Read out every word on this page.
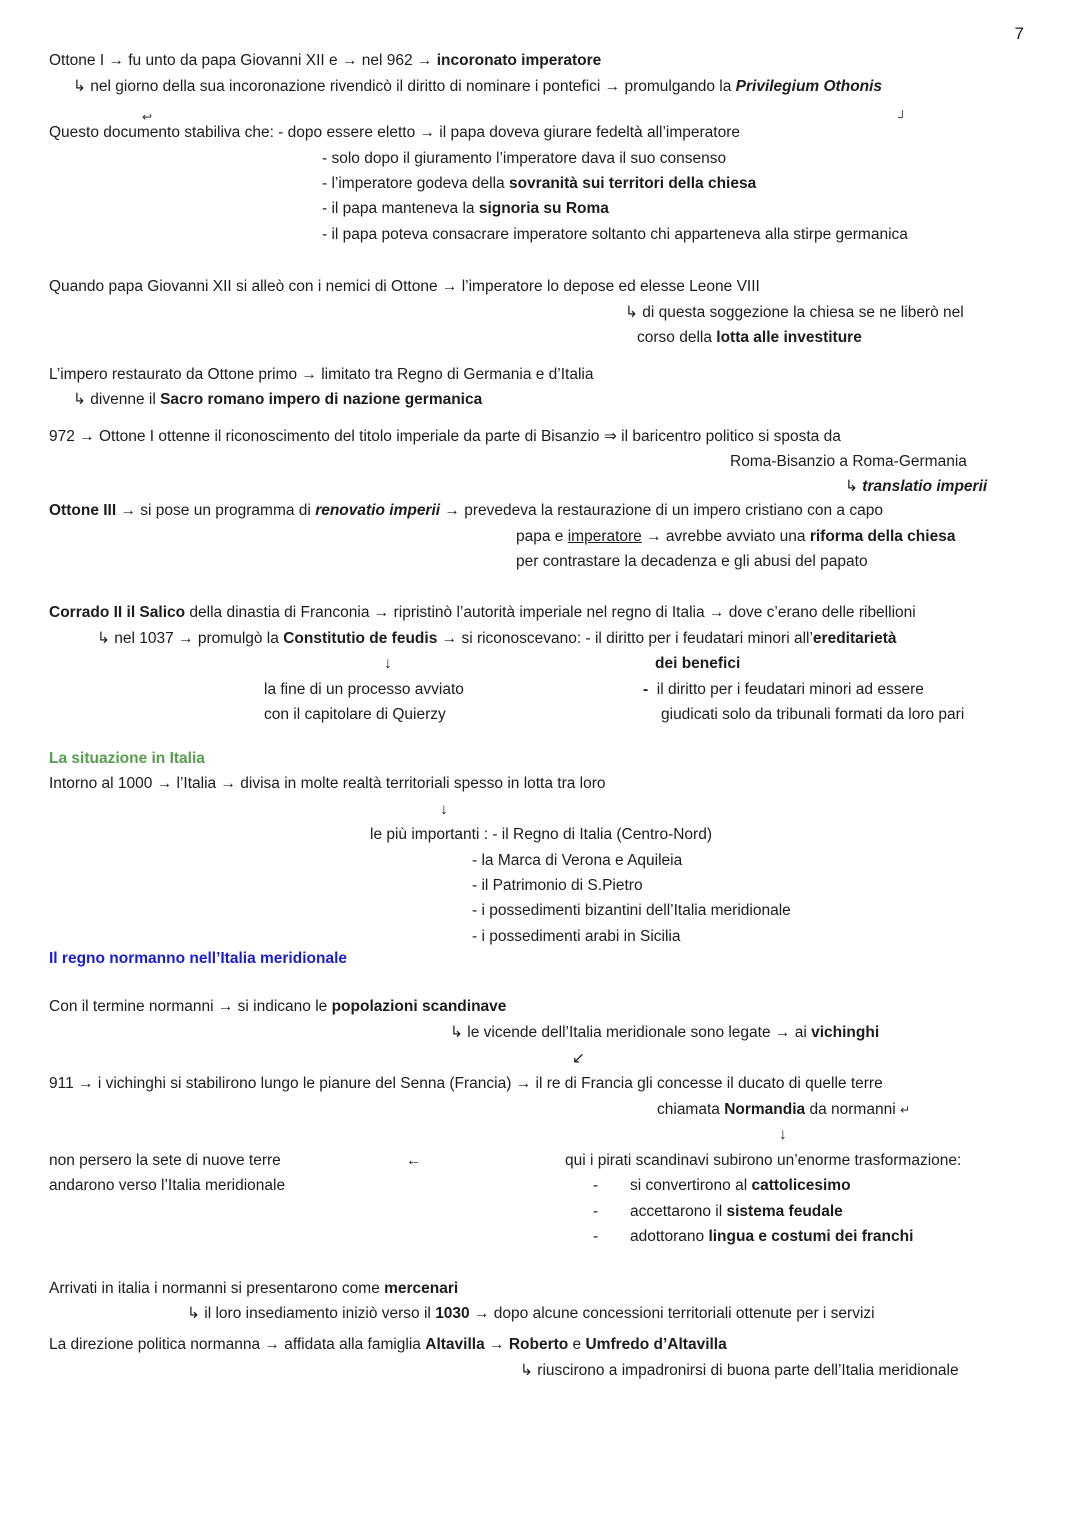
7
Ottone I → fu unto da papa Giovanni XII e → nel 962 → incoronato imperatore
↳ nel giorno della sua incoronazione rivendicò il diritto di nominare i pontefici → promulgando la Privilegium Othonis
↩	┘
Questo documento stabiliva che: - dopo essere eletto → il papa doveva giurare fedeltà all’imperatore
- solo dopo il giuramento l’imperatore dava il suo consenso
- l’imperatore godeva della sovranità sui territori della chiesa
- il papa manteneva la signoria su Roma
- il papa poteva consacrare imperatore soltanto chi apparteneva alla stirpe germanica
Quando papa Giovanni XII si alleò con i nemici di Ottone → l’imperatore lo depose ed elesse Leone VIII
↳ di questa soggezione la chiesa se ne liberò nel
corso della lotta alle investiture
L’impero restaurato da Ottone primo → limitato tra Regno di Germania e d’Italia
↳ divenne il Sacro romano impero di nazione germanica
972 → Ottone I ottenne il riconoscimento del titolo imperiale da parte di Bisanzio ⇒ il baricentro politico si sposta da
Roma-Bisanzio a Roma-Germania
↳ translatio imperii
Ottone III → si pose un programma di renovatio imperii → prevedeva la restaurazione di un impero cristiano con a capo
papa e imperatore → avrebbe avviato una riforma della chiesa
per contrastare la decadenza e gli abusi del papato
Corrado II il Salico della dinastia di Franconia → ripristinò l’autorità imperiale nel regno di Italia → dove c’erano delle ribellioni
↳ nel 1037 → promulgò la Constitutio de feudis → si riconoscevano: - il diritto per i feudatari minori all’ereditarietà
↓	dei benefici
la fine di un processo avviato	-  il diritto per i feudatari minori ad essere
con il capitolare di Quierzy	giudicati solo da tribunali formati da loro pari
La situazione in Italia
Intorno al 1000 → l’Italia → divisa in molte realtà territoriali spesso in lotta tra loro
↓
le più importanti : - il Regno di Italia (Centro-Nord)
- la Marca di Verona e Aquileia
- il Patrimonio di S.Pietro
- i possedimenti bizantini dell’Italia meridionale
- i possedimenti arabi in Sicilia
Il regno normanno nell’Italia meridionale
Con il termine normanni → si indicano le popolazioni scandinave
↳ le vicende dell’Italia meridionale sono legate → ai vichinghi
↙
911 → i vichinghi si stabilirono lungo le pianure del Senna (Francia) → il re di Francia gli concesse il ducato di quelle terre
chiamata Normandia da normanni ↵
↓
non persero la sete di nuove terre	←	qui i pirati scandinavi subirono un’enorme trasformazione:
andarono verso l’Italia meridionale	- si convertirono al cattolicesimo
- accettarono il sistema feudale
- adottorano lingua e costumi dei franchi
Arrivati in italia i normanni si presentarono come mercenari
↳ il loro insediamento iniziò verso il 1030 → dopo alcune concessioni territoriali ottenute per i servizi
La direzione politica normanna → affidata alla famiglia Altavilla → Roberto e Umfredo d’Altavilla
↳ riuscirono a impadronirsi di buona parte dell’Italia meridionale
